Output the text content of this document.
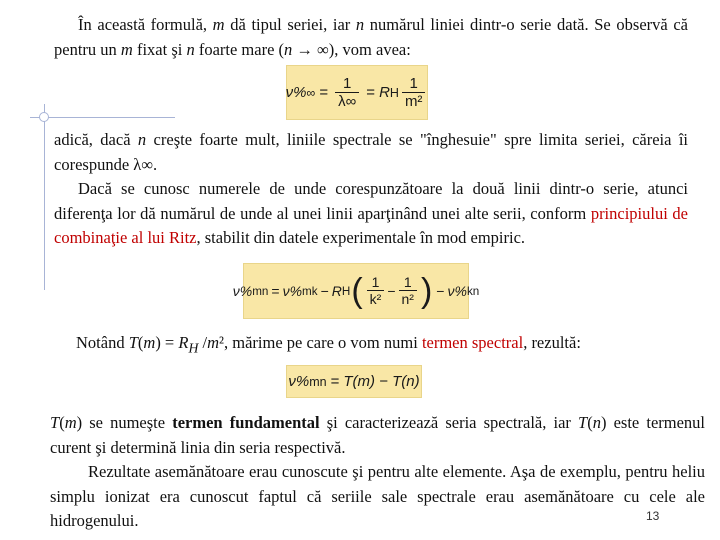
În această formulă, m dă tipul seriei, iar n numărul liniei dintr-o serie dată. Se observă că pentru un m fixat şi n foarte mare (n → ∞), vom avea:

ν% ∞ = $\frac{1}{\lambda\infty} = R$ H $\frac{1}{\text{m²}}$

adică, dacă n creşte foarte mult, liniile spectrale se "înghesuie" spre limita seriei, căreia îi corespunde λ∞.
Dacă se cunosc numerele de unde corespunzătoare la două linii dintr-o serie, atunci diferenţa lor dă numărul de unde al unei linii aparţinând unei alte serii, conform principiului de combinaţie al lui Ritz, stabilit din datele experimentale în mod empiric.

ν% mn = ν% mk − R H ( $\frac{1}{\text{k²}} - \frac{1}{\text{n²}}$ ) − ν% kn

Notând $T(m) = R_H$ /m², mărime pe care o vom numi termen spectral, rezultă:

ν% mn = T(m) − T(n)

T(m) se numeşte termen fundamental şi caracterizează seria spectrală, iar T(n) este termenul curent şi determină linia din seria respectivă.
Rezultate asemănătoare erau cunoscute şi pentru alte elemente. Aşa de exemplu, pentru heliu simplu ionizat era cunoscut faptul că seriile sale spectrale erau asemănătoare cu cele ale hidrogenului.	13
